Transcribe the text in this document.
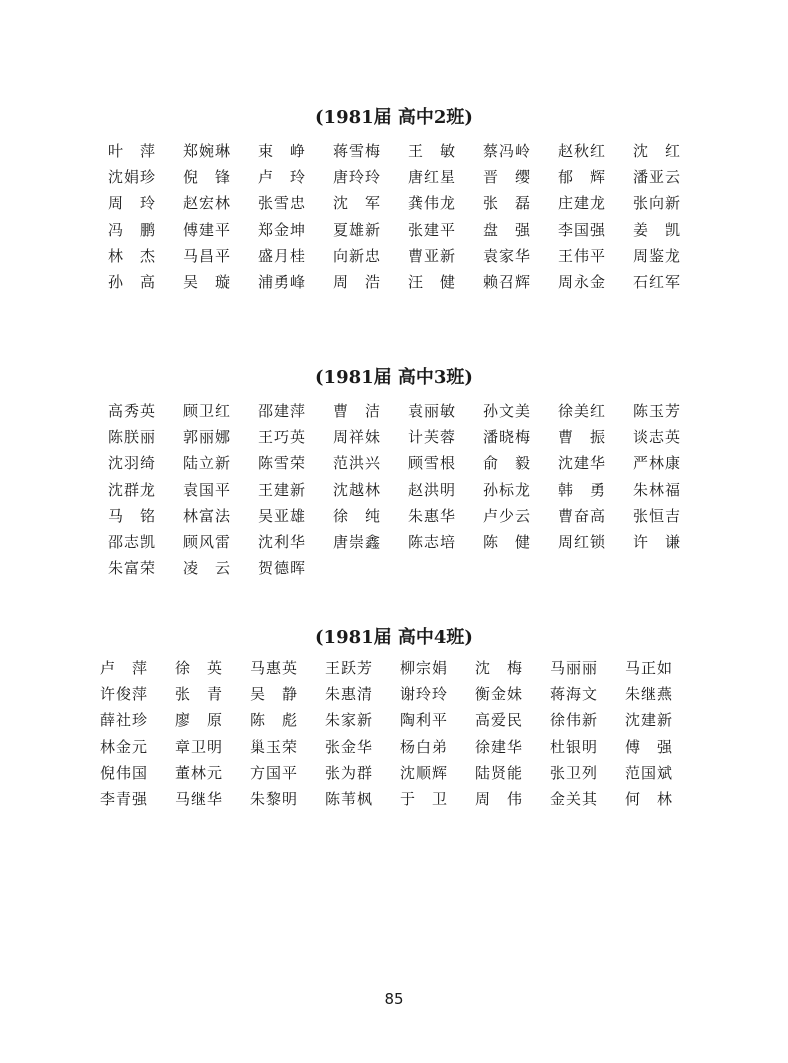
(1981届 高中2班)
叶　萍	郑婉琳	束　峥	蒋雪梅	王　敏	蔡冯岭	赵秋红	沈　红
沈娟珍	倪　锋	卢　玲	唐玲玲	唐红星	晋　缨	郁　辉	潘亚云
周　玲	赵宏林	张雪忠	沈　军	龚伟龙	张　磊	庄建龙	张向新
冯　鹏	傅建平	郑金坤	夏雄新	张建平	盘　强	李国强	姜　凯
林　杰	马昌平	盛月桂	向新忠	曹亚新	袁家华	王伟平	周鉴龙
孙　高	吴　璇	浦勇峰	周　浩	汪　健	赖召辉	周永金	石红军
(1981届 高中3班)
高秀英	顾卫红	邵建萍	曹　洁	袁丽敏	孙文美	徐美红	陈玉芳
陈朕丽	郭丽娜	王巧英	周祥妹	计芙蓉	潘晓梅	曹　振	谈志英
沈羽绮	陆立新	陈雪荣	范洪兴	顾雪根	俞　毅	沈建华	严林康
沈群龙	袁国平	王建新	沈越林	赵洪明	孙标龙	韩　勇	朱林福
马　铭	林富法	吴亚雄	徐　纯	朱惠华	卢少云	曹奋高	张恒吉
邵志凯	顾风雷	沈利华	唐崇鑫	陈志培	陈　健	周红锁	许　谦
朱富荣	凌　云	贺德晖
(1981届 高中4班)
卢　萍	徐　英	马惠英	王跃芳	柳宗娟	沈　梅	马丽丽	马正如
许俊萍	张　青	吴　静	朱惠清	谢玲玲	衡金妹	蒋海文	朱继燕
薛社珍	廖　原	陈　彪	朱家新	陶利平	高爱民	徐伟新	沈建新
林金元	章卫明	巢玉荣	张金华	杨白弟	徐建华	杜银明	傅　强
倪伟国	董林元	方国平	张为群	沈顺辉	陆贤能	张卫列	范国斌
李青强	马继华	朱黎明	陈苇枫	于　卫	周　伟	金关其	何　林
85
